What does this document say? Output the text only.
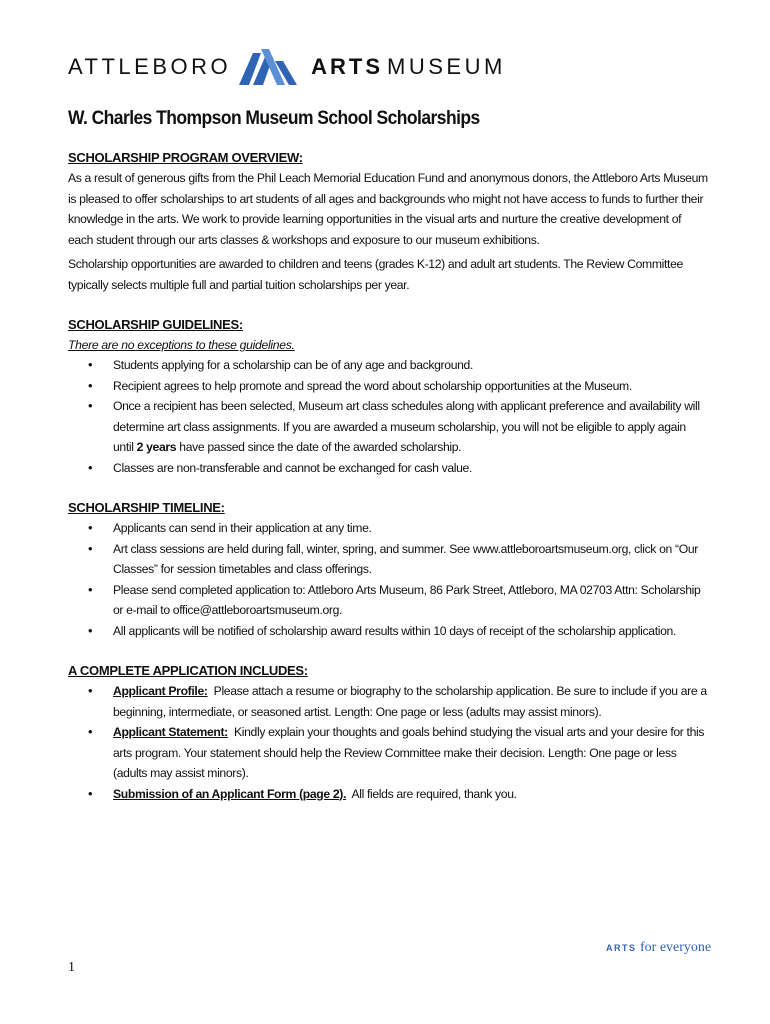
ATTLEBORO	ARTS MUSEUM
W. Charles Thompson Museum School Scholarships

SCHOLARSHIP PROGRAM OVERVIEW:

As a result of generous gifts from the Phil Leach Memorial Education Fund and anonymous donors, the Attleboro Arts Museum is pleased to offer scholarships to art students of all ages and backgrounds who might not have access to funds to further their knowledge in the arts. We work to provide learning opportunities in the visual arts and nurture the creative development of each student through our arts classes & workshops and exposure to our museum exhibitions.

Scholarship opportunities are awarded to children and teens (grades K-12) and adult art students. The Review Committee typically selects multiple full and partial tuition scholarships per year.

SCHOLARSHIP GUIDELINES:

There are no exceptions to these guidelines.

• Students applying for a scholarship can be of any age and background.
• Recipient agrees to help promote and spread the word about scholarship opportunities at the Museum.
• Once a recipient has been selected, Museum art class schedules along with applicant preference and availability will determine art class assignments. If you are awarded a museum scholarship, you will not be eligible to apply again until 2 years have passed since the date of the awarded scholarship.
• Classes are non-transferable and cannot be exchanged for cash value.

SCHOLARSHIP TIMELINE:

• Applicants can send in their application at any time.
• Art class sessions are held during fall, winter, spring, and summer. See www.attleboroartsmuseum.org, click on “Our Classes” for session timetables and class offerings.
• Please send completed application to: Attleboro Arts Museum, 86 Park Street, Attleboro, MA 02703 Attn: Scholarship or e-mail to office@attleboroartsmuseum.org.
• All applicants will be notified of scholarship award results within 10 days of receipt of the scholarship application.

A COMPLETE APPLICATION INCLUDES:

• Applicant Profile: Please attach a resume or biography to the scholarship application. Be sure to include if you are a beginning, intermediate, or seasoned artist. Length: One page or less (adults may assist minors).
• Applicant Statement: Kindly explain your thoughts and goals behind studying the visual arts and your desire for this arts program. Your statement should help the Review Committee make their decision. Length: One page or less (adults may assist minors).
• Submission of an Applicant Form (page 2). All fields are required, thank you.
ARTS for everyone
1
